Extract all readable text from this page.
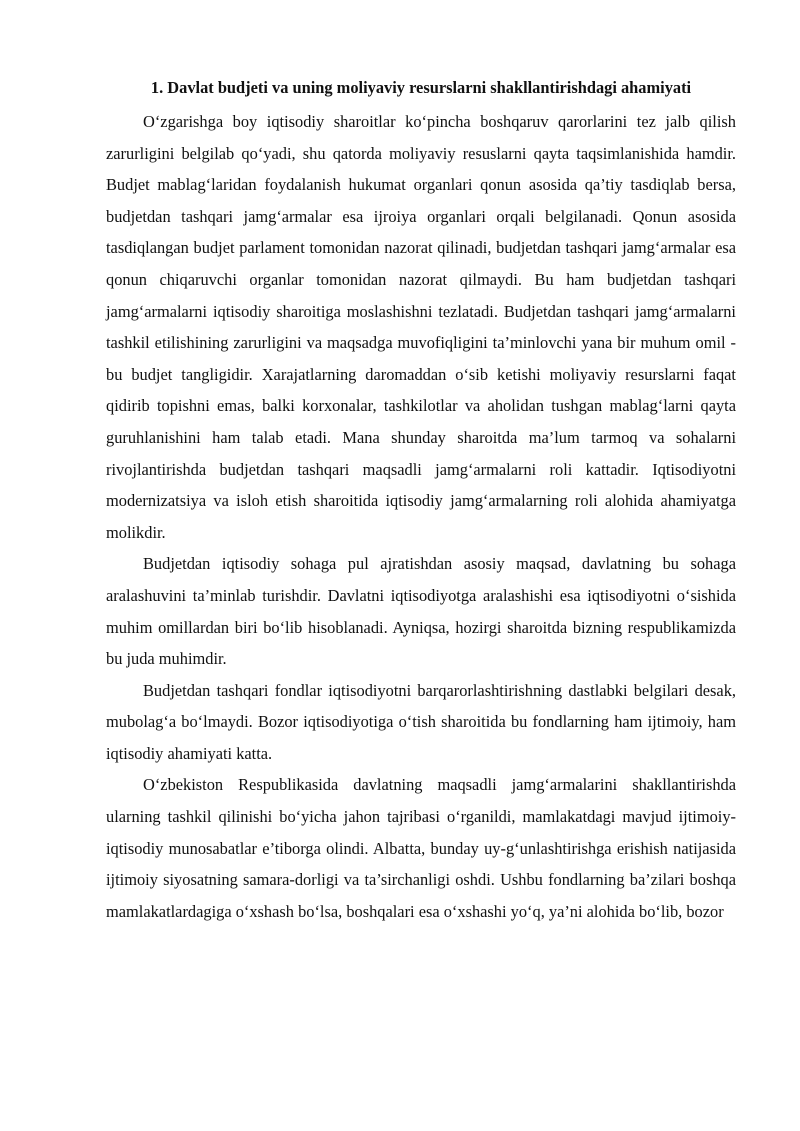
1. Davlat budjeti va uning moliyaviy resurslarni shakllantirishdagi ahamiyati

O‘zgarishga boy iqtisodiy sharoitlar ko‘pincha boshqaruv qarorlarini tez jalb qilish zarurligini belgilab qo‘yadi, shu qatorda moliyaviy resuslarni qayta taqsimlanishida hamdir. Budjet mablag‘laridan foydalanish hukumat organlari qonun asosida qa’tiy tasdiqlab bersa, budjetdan tashqari jamg‘armalar esa ijroiya organlari orqali belgilanadi. Qonun asosida tasdiqlangan budjet parlament tomonidan nazorat qilinadi, budjetdan tashqari jamg‘armalar esa qonun chiqaruvchi organlar tomonidan nazorat qilmaydi. Bu ham budjetdan tashqari jamg‘armalarni iqtisodiy sharoitiga moslashishni tezlatadi. Budjetdan tashqari jamg‘armalarni tashkil etilishining zarurligini va maqsadga muvofiqligini ta’minlovchi yana bir muhum omil - bu budjet tangligidir. Xarajatlarning daromaddan o‘sib ketishi moliyaviy resurslarni faqat qidirib topishni emas, balki korxonalar, tashkilotlar va aholidan tushgan mablag‘larni qayta guruhlanishini ham talab etadi. Mana shunday sharoitda ma’lum tarmoq va sohalarni rivojlantirishda budjetdan tashqari maqsadli jamg‘armalarni roli kattadir. Iqtisodiyotni modernizatsiya va isloh etish sharoitida iqtisodiy jamg‘armalarning roli alohida ahamiyatga molikdir.

Budjetdan iqtisodiy sohaga pul ajratishdan asosiy maqsad, davlatning bu sohaga aralashuvini ta’minlab turishdir. Davlatni iqtisodiyotga aralashishi esa iqtisodiyotni o‘sishida muhim omillardan biri bo‘lib hisoblanadi. Ayniqsa, hozirgi sharoitda bizning respublikamizda bu juda muhimdir.

Budjetdan tashqari fondlar iqtisodiyotni barqarorlashtirishning dastlabki belgilari desak, mubolag‘a bo‘lmaydi. Bozor iqtisodiyotiga o‘tish sharoitida bu fondlarning ham ijtimoiy, ham iqtisodiy ahamiyati katta.

O‘zbekiston Respublikasida davlatning maqsadli jamg‘armalarini shakllantirishda ularning tashkil qilinishi bo‘yicha jahon tajribasi o‘rganildi, mamlakatdagi mavjud ijtimoiy-iqtisodiy munosabatlar e’tiborga olindi. Albatta, bunday uy-g‘unlashtirishga erishish natijasida ijtimoiy siyosatning samara-dorligi va ta’sirchanligi oshdi. Ushbu fondlarning ba’zilari boshqa mamlakatlardagiga o‘xshash bo‘lsa, boshqalari esa o‘xshashi yo‘q, ya’ni alohida bo‘lib, bozor
